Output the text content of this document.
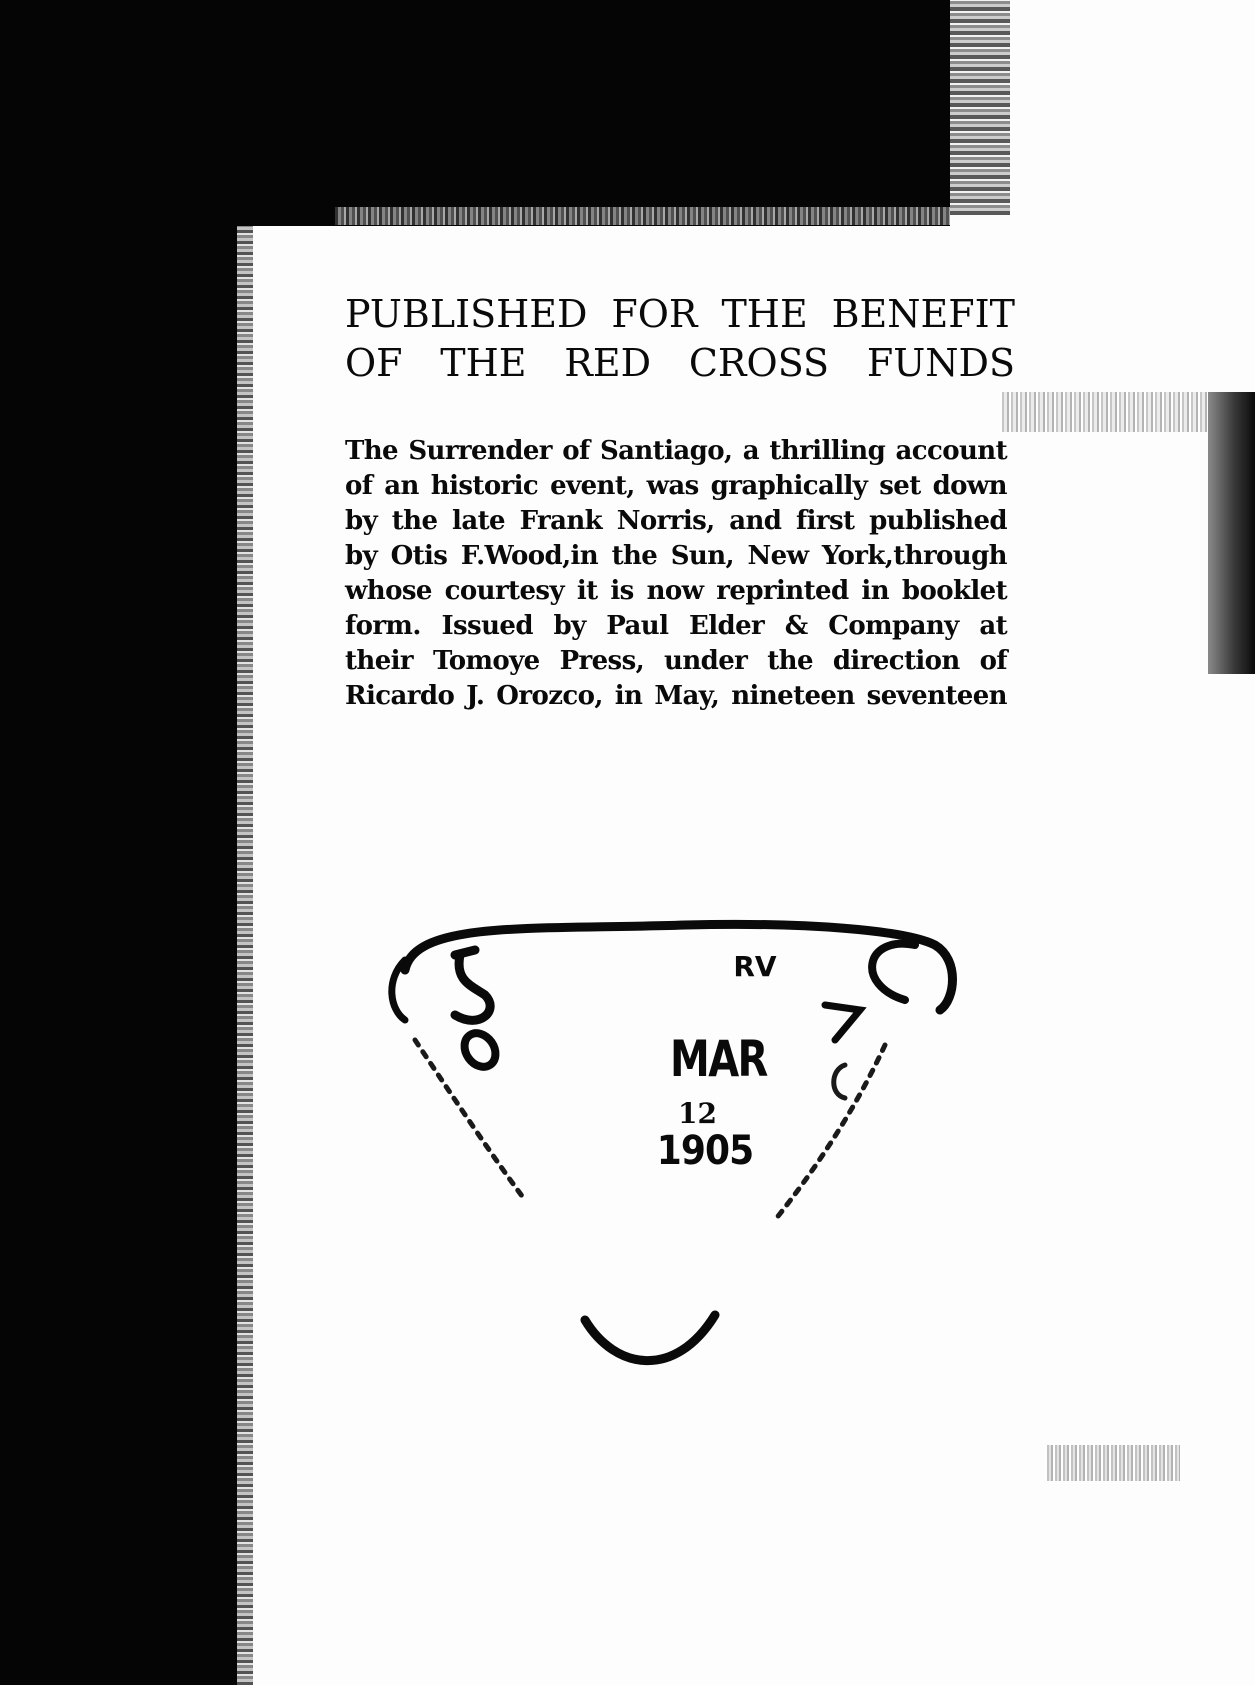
PUBLISHED FOR THE BENEFIT
OF THE RED CROSS FUNDS
The Surrender of Santiago, a thrilling account
of an historic event, was graphically set down
by the late Frank Norris, and first published
by Otis F.Wood,in the Sun, New York,through
whose courtesy it is now reprinted in booklet
form. Issued by Paul Elder & Company at
their Tomoye Press, under the direction of
Ricardo J. Orozco, in May, nineteen seventeen
RV
MAR
12
1905
